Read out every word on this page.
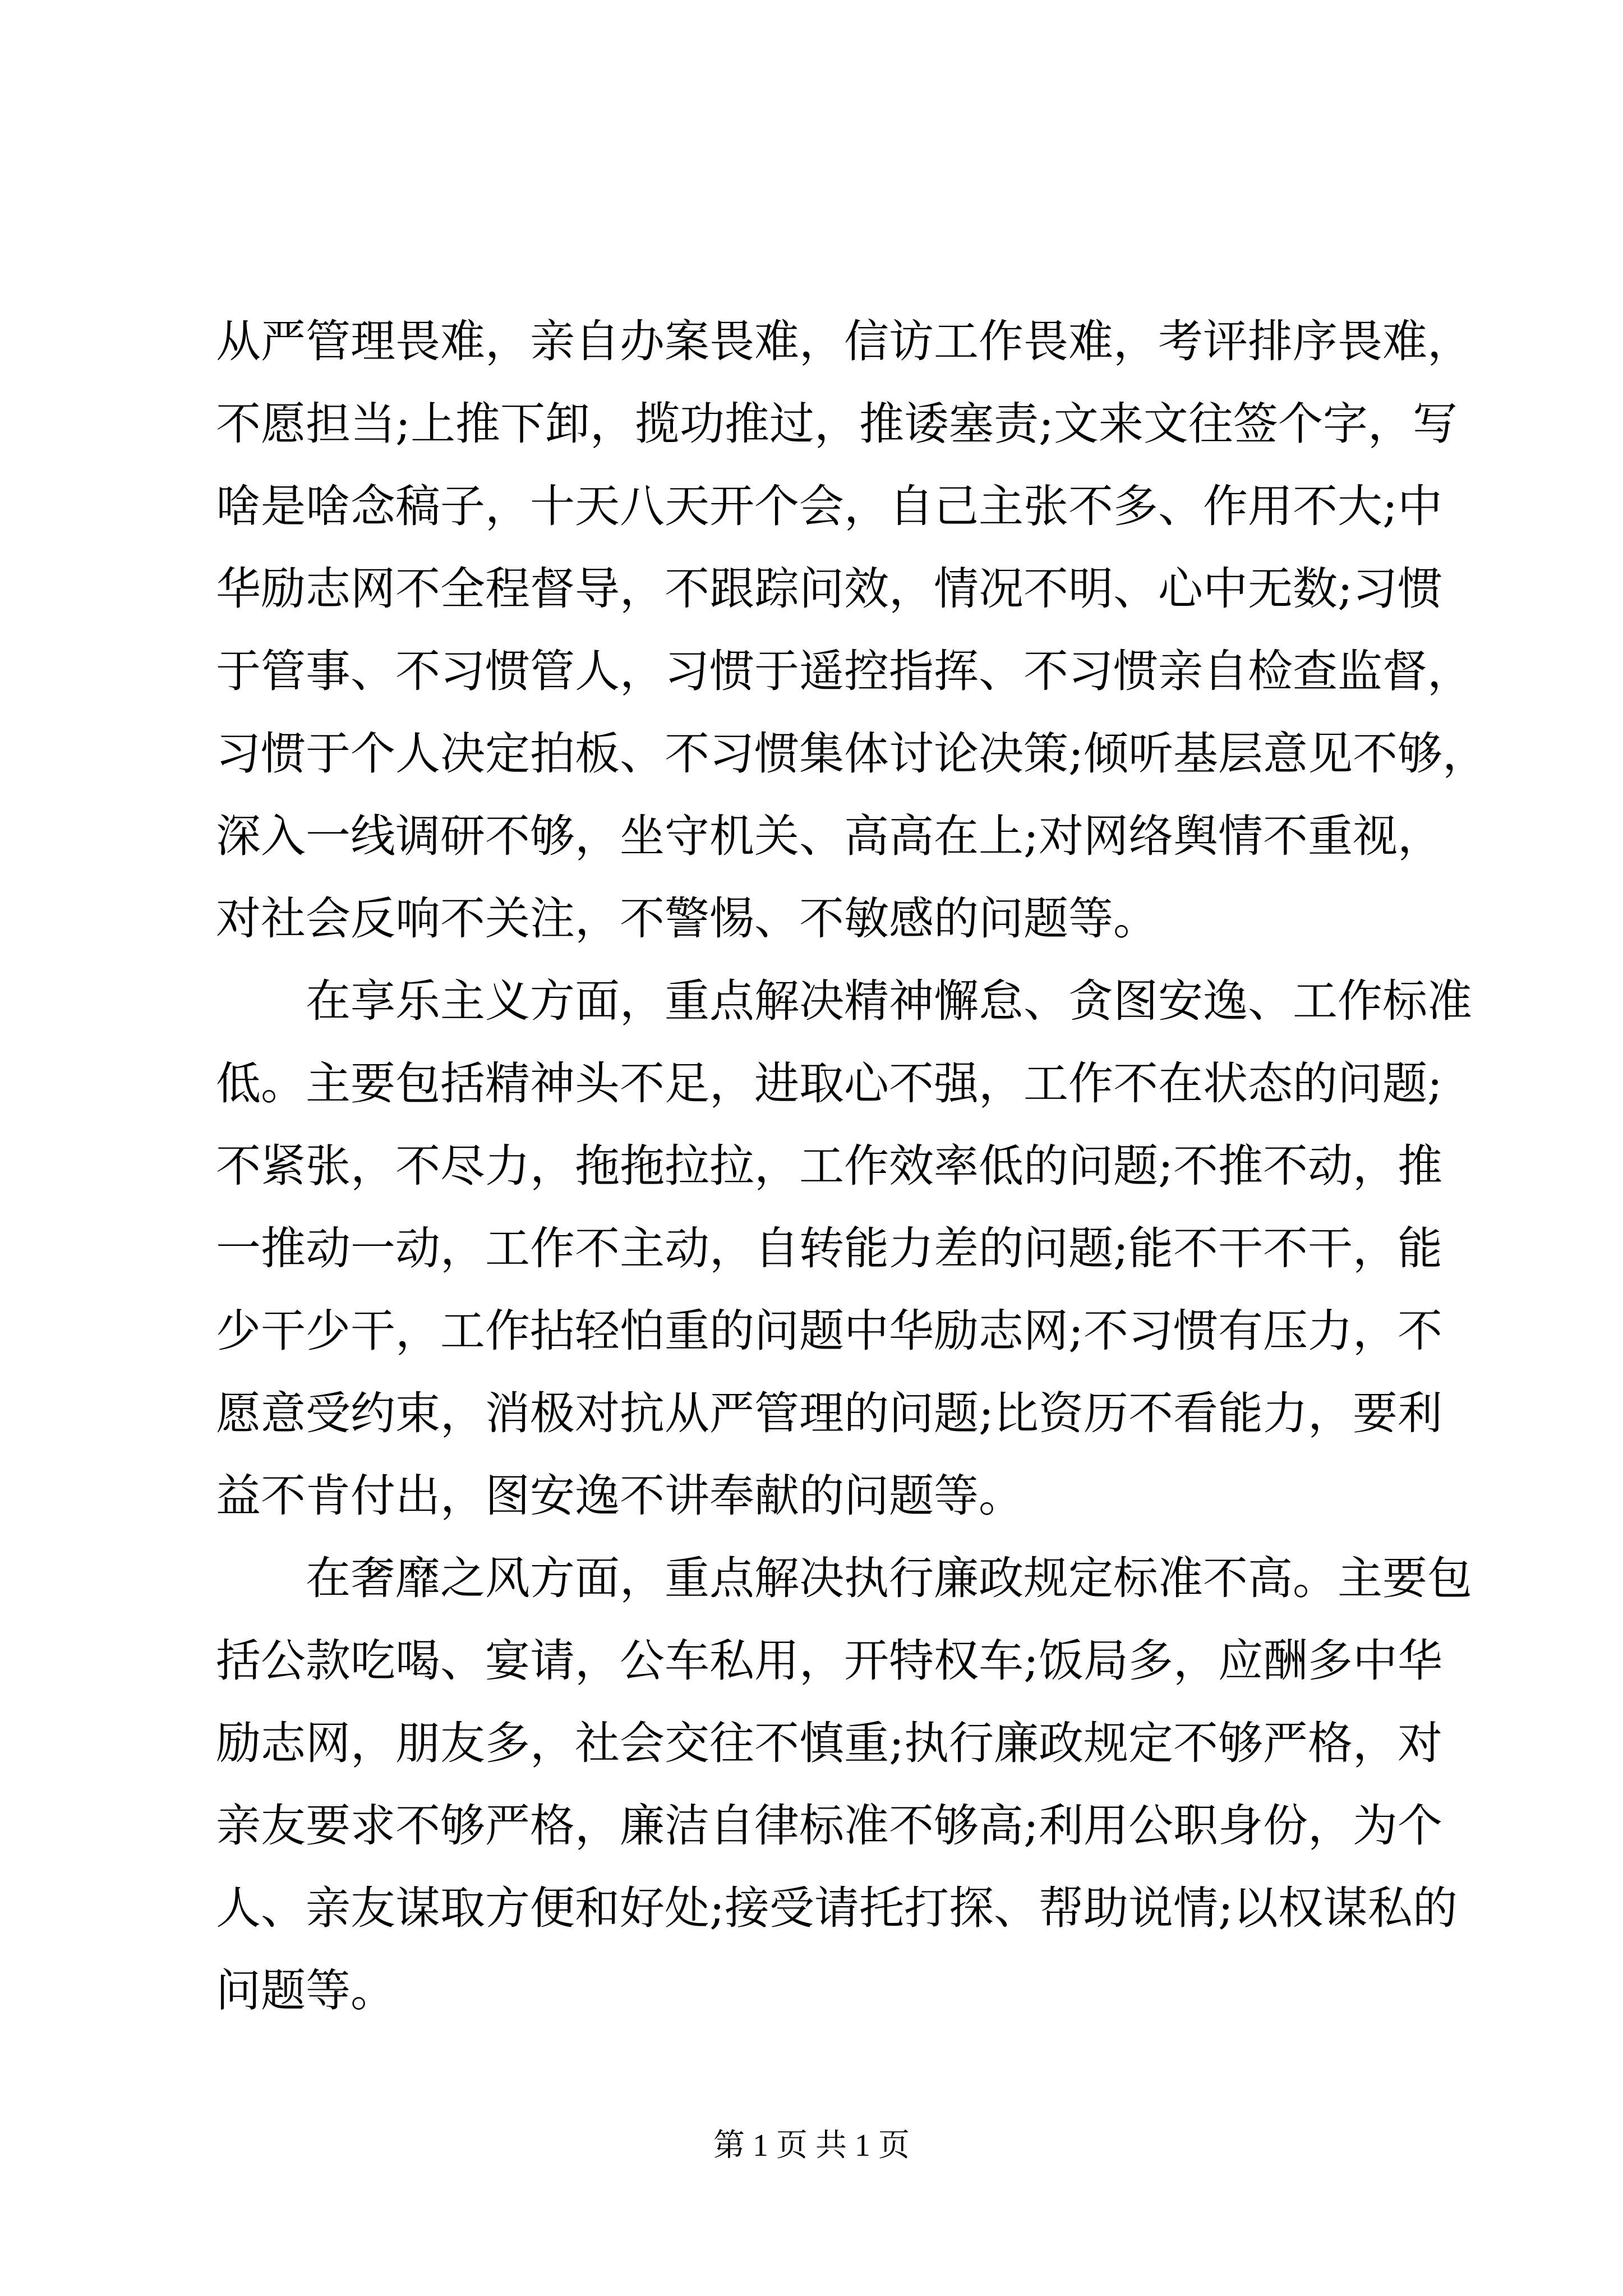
从严管理畏难，亲自办案畏难，信访工作畏难，考评排序畏难，
不愿担当;上推下卸，揽功推过，推诿塞责;文来文往签个字，写
啥是啥念稿子，十天八天开个会，自己主张不多、作用不大;中
华励志网不全程督导，不跟踪问效，情况不明、心中无数;习惯
于管事、不习惯管人，习惯于遥控指挥、不习惯亲自检查监督，
习惯于个人决定拍板、不习惯集体讨论决策;倾听基层意见不够，
深入一线调研不够，坐守机关、高高在上;对网络舆情不重视，
对社会反响不关注，不警惕、不敏感的问题等。
在享乐主义方面，重点解决精神懈怠、贪图安逸、工作标准
低。主要包括精神头不足，进取心不强，工作不在状态的问题;
不紧张，不尽力，拖拖拉拉，工作效率低的问题;不推不动，推
一推动一动，工作不主动，自转能力差的问题;能不干不干，能
少干少干，工作拈轻怕重的问题中华励志网;不习惯有压力，不
愿意受约束，消极对抗从严管理的问题;比资历不看能力，要利
益不肯付出，图安逸不讲奉献的问题等。
在奢靡之风方面，重点解决执行廉政规定标准不高。主要包
括公款吃喝、宴请，公车私用，开特权车;饭局多，应酬多中华
励志网，朋友多，社会交往不慎重;执行廉政规定不够严格，对
亲友要求不够严格，廉洁自律标准不够高;利用公职身份，为个
人、亲友谋取方便和好处;接受请托打探、帮助说情;以权谋私的
问题等。
第 1 页 共 1 页
